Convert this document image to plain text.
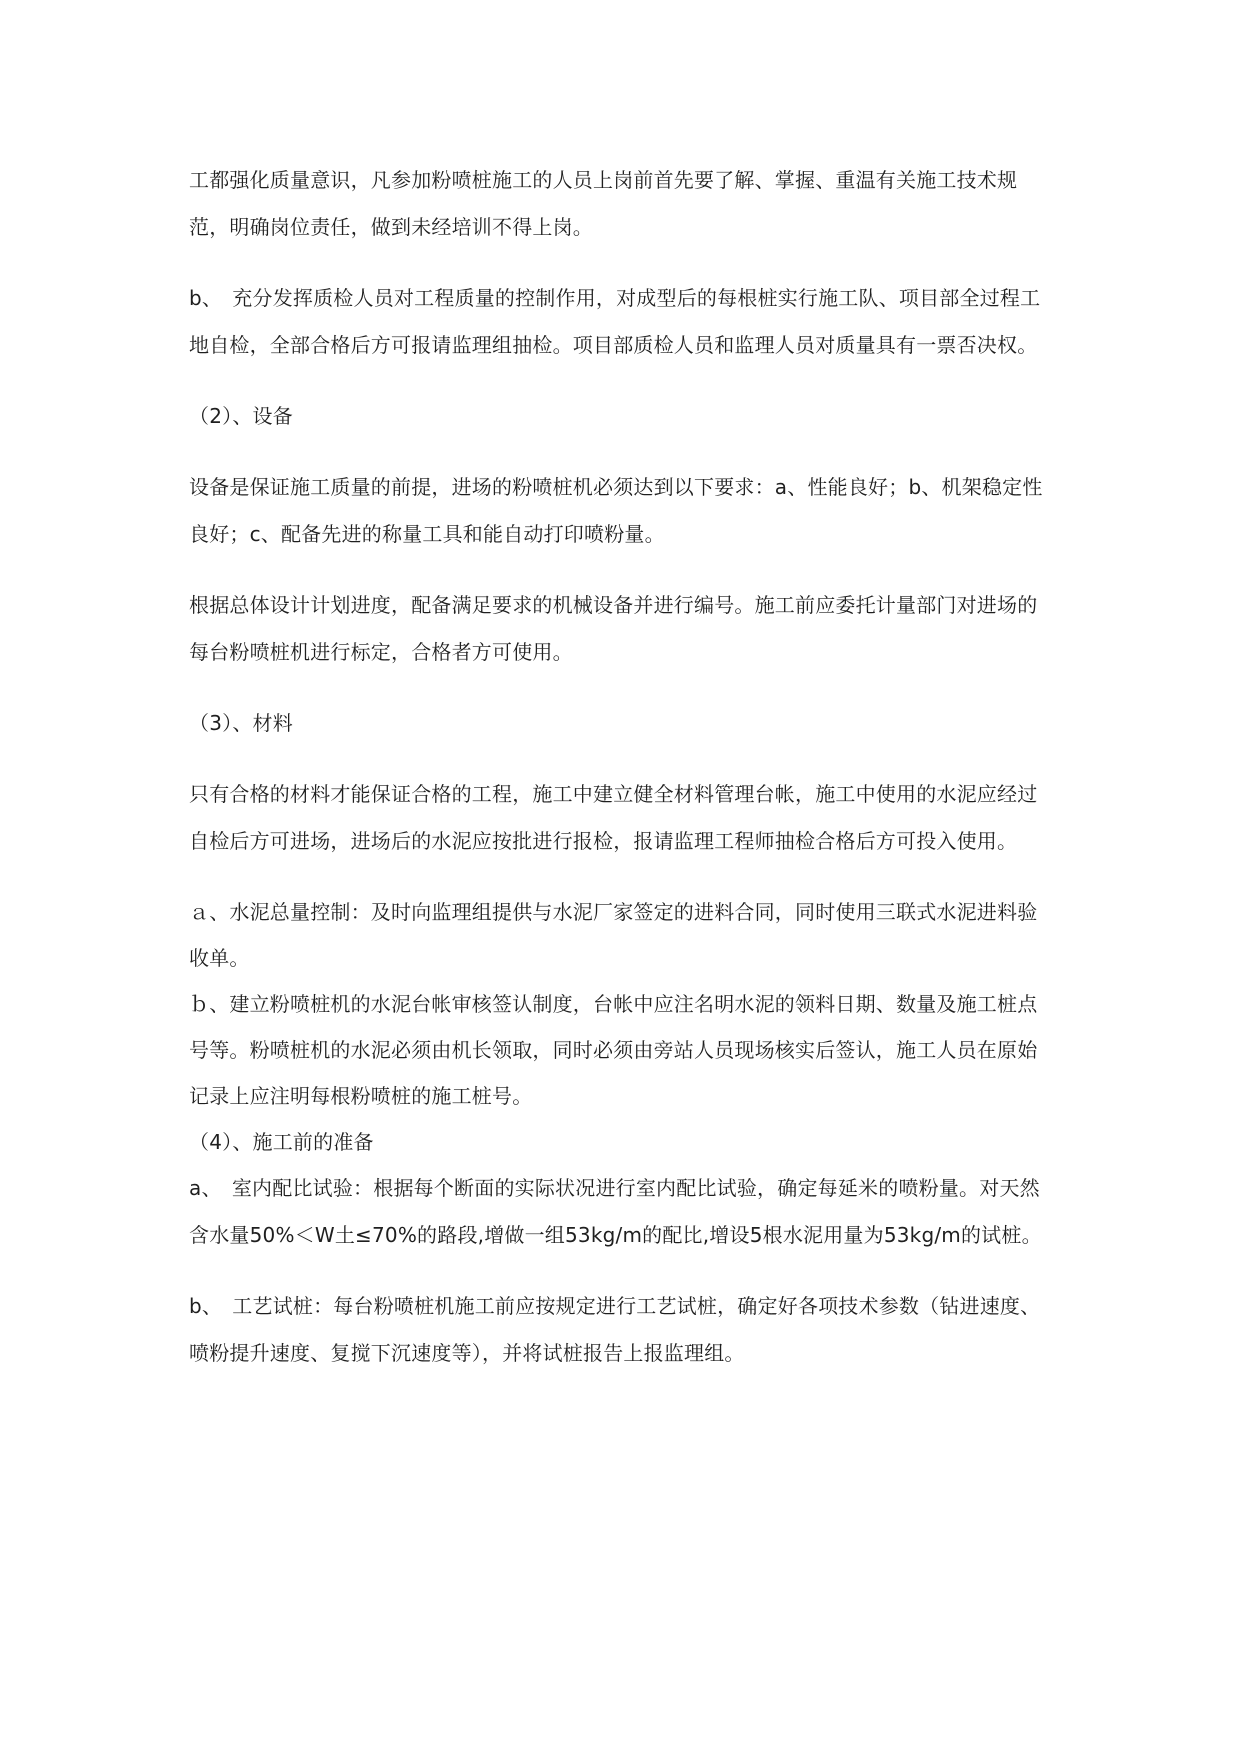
工都强化质量意识，凡参加粉喷桩施工的人员上岗前首先要了解、掌握、重温有关施工技术规范，明确岗位责任，做到未经培训不得上岗。

b、　充分发挥质检人员对工程质量的控制作用，对成型后的每根桩实行施工队、项目部全过程工地自检，全部合格后方可报请监理组抽检。项目部质检人员和监理人员对质量具有一票否决权。

（2）、设备

设备是保证施工质量的前提，进场的粉喷桩机必须达到以下要求：a、性能良好；b、机架稳定性良好；c、配备先进的称量工具和能自动打印喷粉量。

根据总体设计计划进度，配备满足要求的机械设备并进行编号。施工前应委托计量部门对进场的每台粉喷桩机进行标定，合格者方可使用。

（3）、材料

只有合格的材料才能保证合格的工程，施工中建立健全材料管理台帐，施工中使用的水泥应经过自检后方可进场，进场后的水泥应按批进行报检，报请监理工程师抽检合格后方可投入使用。

ａ、水泥总量控制：及时向监理组提供与水泥厂家签定的进料合同，同时使用三联式水泥进料验收单。

ｂ、建立粉喷桩机的水泥台帐审核签认制度，台帐中应注名明水泥的领料日期、数量及施工桩点号等。粉喷桩机的水泥必须由机长领取，同时必须由旁站人员现场核实后签认，施工人员在原始记录上应注明每根粉喷桩的施工桩号。

（4）、施工前的准备

a、　室内配比试验：根据每个断面的实际状况进行室内配比试验，确定每延米的喷粉量。对天然含水量50%＜W土≤70%的路段,增做一组53kg/m的配比,增设5根水泥用量为53kg/m的试桩。

b、　工艺试桩：每台粉喷桩机施工前应按规定进行工艺试桩，确定好各项技术参数（钻进速度、喷粉提升速度、复搅下沉速度等），并将试桩报告上报监理组。
